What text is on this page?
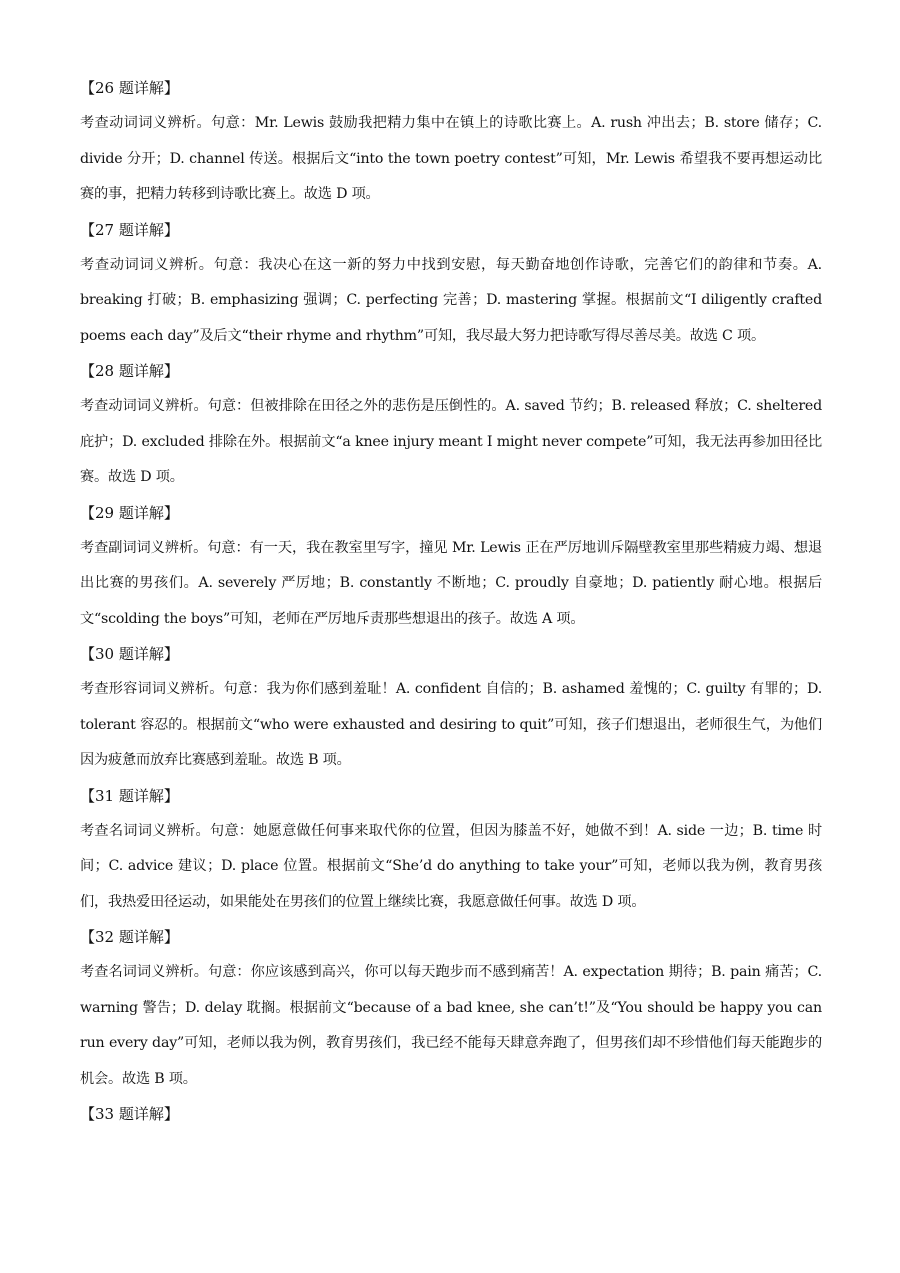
【26 题详解】
考查动词词义辨析。句意：Mr. Lewis 鼓励我把精力集中在镇上的诗歌比赛上。A. rush 冲出去；B. store 储存；C. divide 分开；D. channel 传送。根据后文“into the town poetry contest”可知，Mr. Lewis 希望我不要再想运动比赛的事，把精力转移到诗歌比赛上。故选 D 项。
【27 题详解】
考查动词词义辨析。句意：我决心在这一新的努力中找到安慰，每天勤奋地创作诗歌，完善它们的韵律和节奏。A. breaking 打破；B. emphasizing 强调；C. perfecting 完善；D. mastering 掌握。根据前文“I diligently crafted poems each day”及后文“their rhyme and rhythm”可知，我尽最大努力把诗歌写得尽善尽美。故选 C 项。
【28 题详解】
考查动词词义辨析。句意：但被排除在田径之外的悲伤是压倒性的。A. saved 节约；B. released 释放；C. sheltered 庇护；D. excluded 排除在外。根据前文“a knee injury meant I might never compete”可知，我无法再参加田径比赛。故选 D 项。
【29 题详解】
考查副词词义辨析。句意：有一天，我在教室里写字，撞见 Mr. Lewis 正在严厉地训斥隔壁教室里那些精疲力竭、想退出比赛的男孩们。A. severely 严厉地；B. constantly 不断地；C. proudly 自豪地；D. patiently 耐心地。根据后文“scolding the boys”可知，老师在严厉地斥责那些想退出的孩子。故选 A 项。
【30 题详解】
考查形容词词义辨析。句意：我为你们感到羞耻！A. confident 自信的；B. ashamed 羞愧的；C. guilty 有罪的；D. tolerant 容忍的。根据前文“who were exhausted and desiring to quit”可知，孩子们想退出，老师很生气，为他们因为疲惫而放弃比赛感到羞耻。故选 B 项。
【31 题详解】
考查名词词义辨析。句意：她愿意做任何事来取代你的位置，但因为膝盖不好，她做不到！A. side 一边；B. time 时间；C. advice 建议；D. place 位置。根据前文“She’d do anything to take your”可知，老师以我为例，教育男孩们，我热爱田径运动，如果能处在男孩们的位置上继续比赛，我愿意做任何事。故选 D 项。
【32 题详解】
考查名词词义辨析。句意：你应该感到高兴，你可以每天跑步而不感到痛苦！A. expectation 期待；B. pain 痛苦；C. warning 警告；D. delay 耽搁。根据前文“because of a bad knee, she can’t!”及“You should be happy you can run every day”可知，老师以我为例，教育男孩们，我已经不能每天肆意奔跑了，但男孩们却不珍惜他们每天能跑步的机会。故选 B 项。
【33 题详解】
